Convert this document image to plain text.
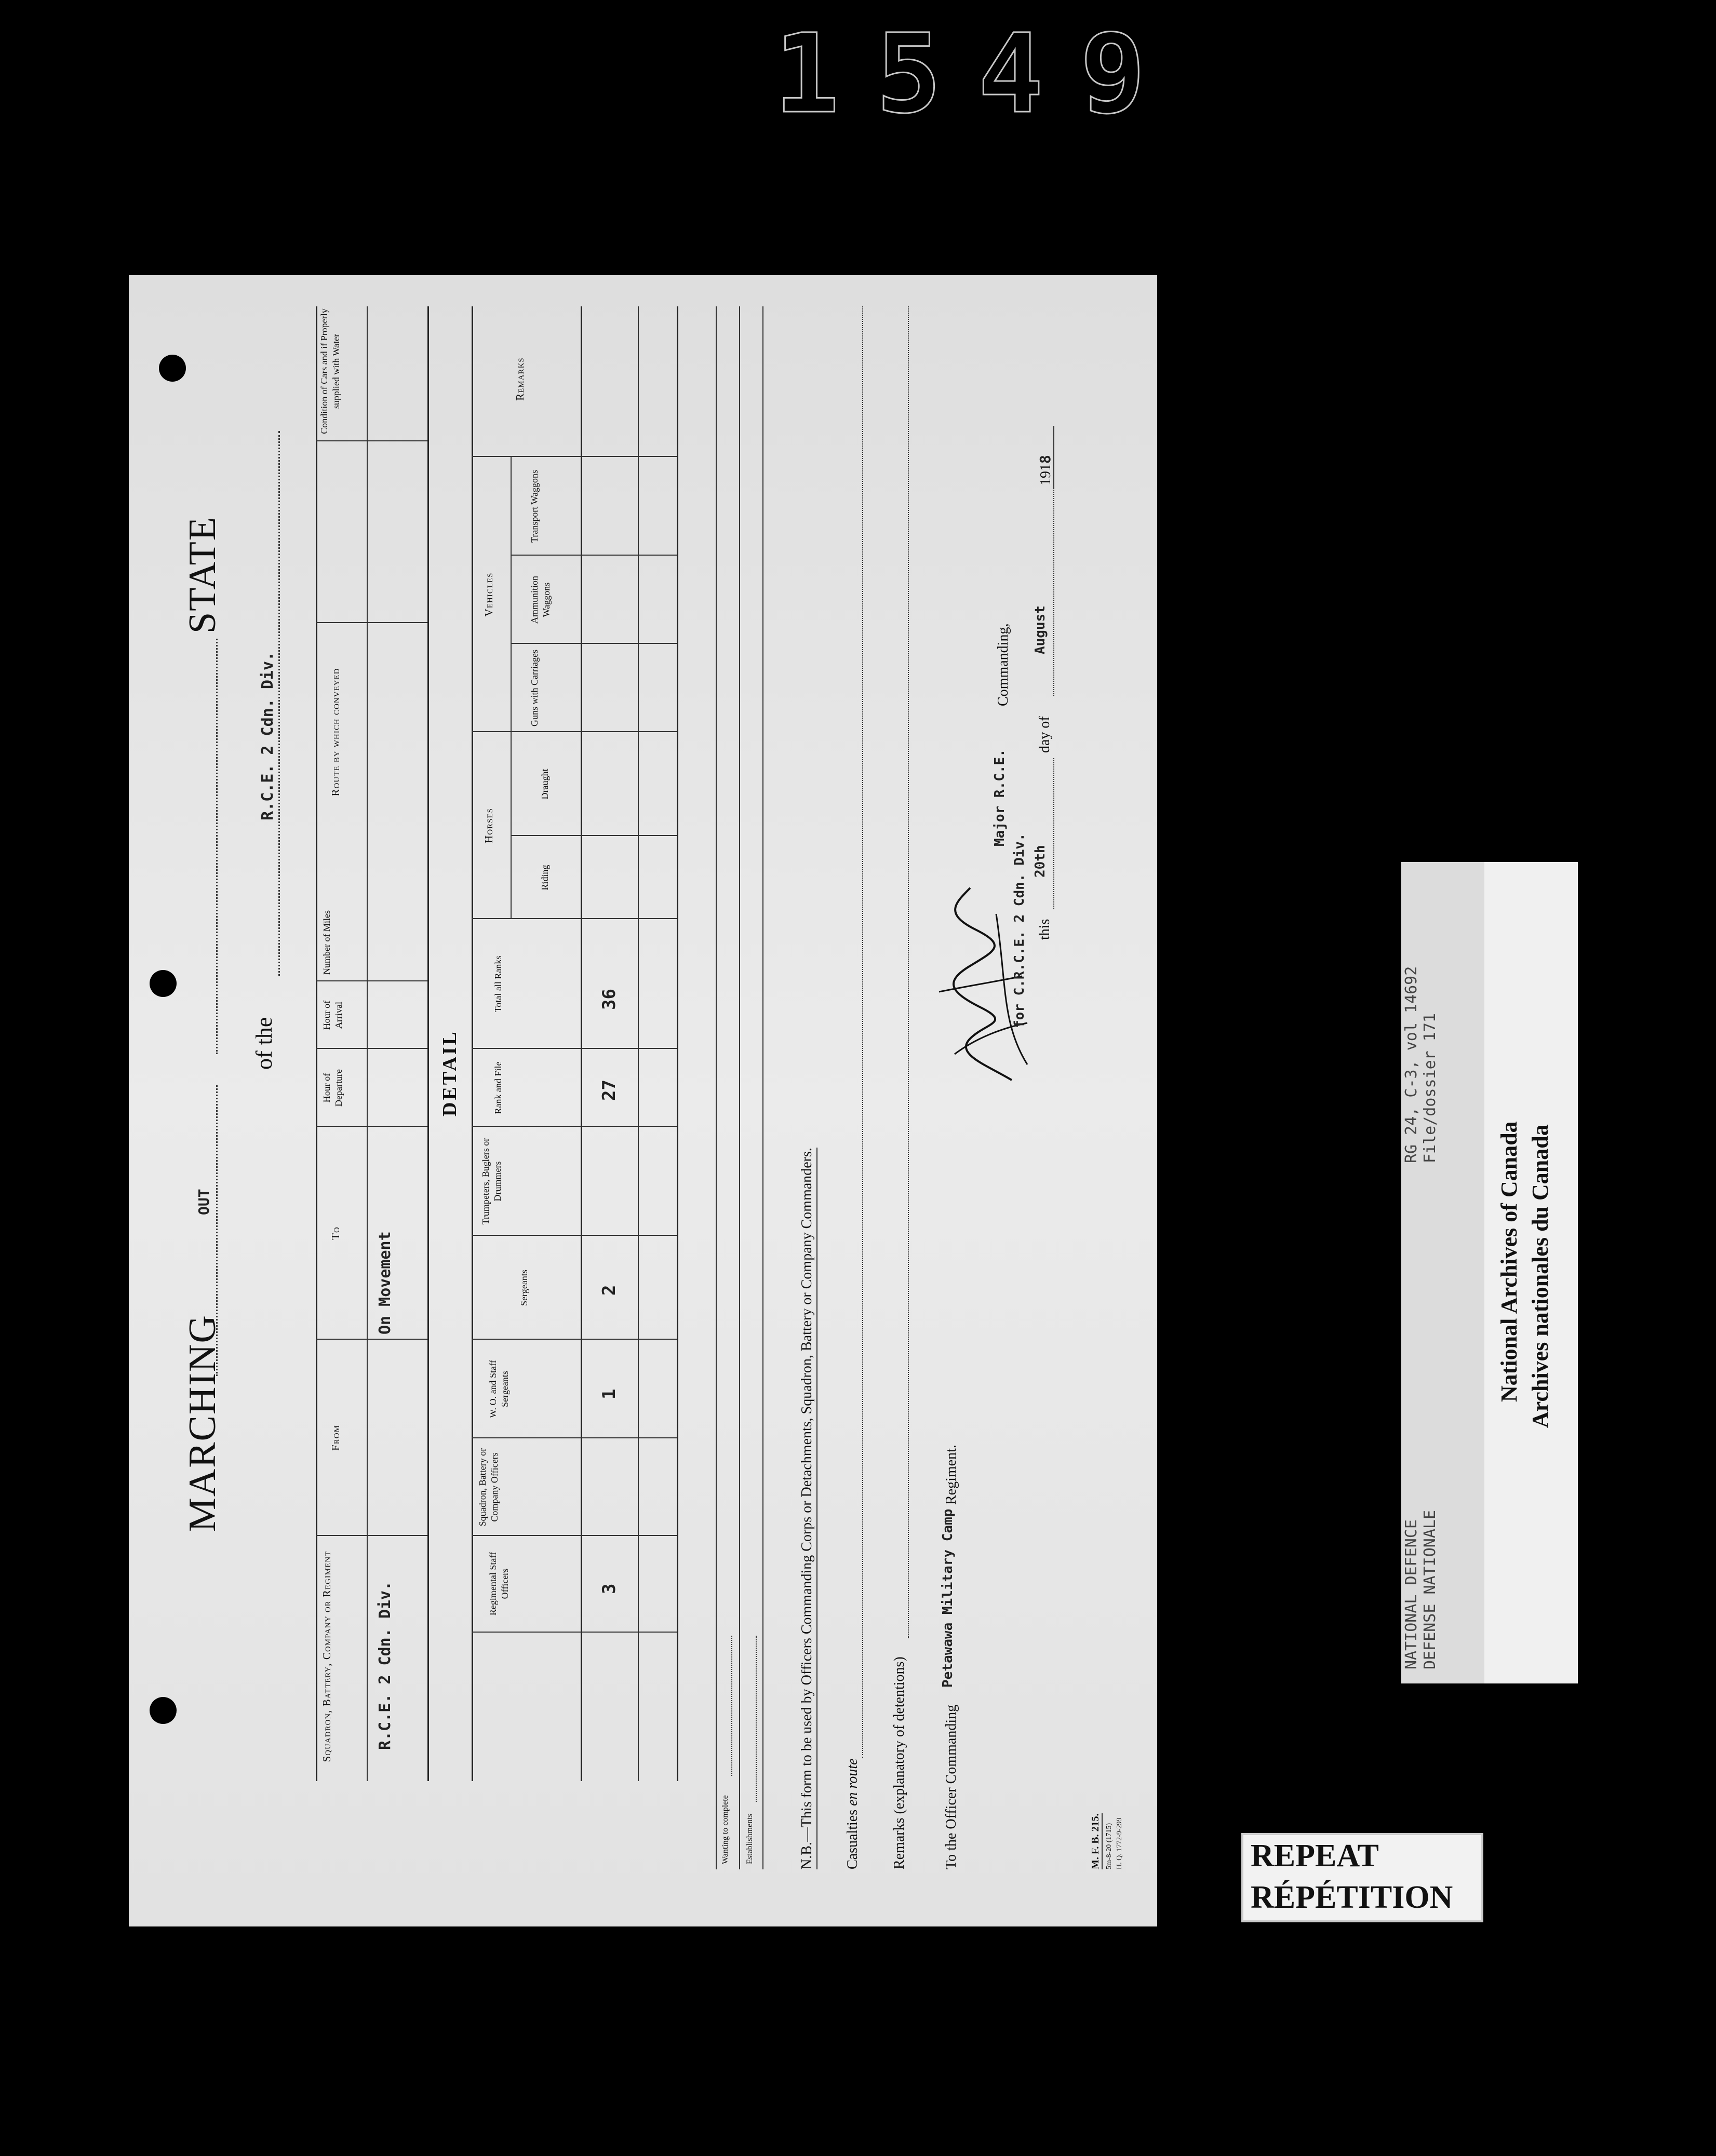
1549
MARCHING
OUT
STATE
of the
R.C.E. 2 Cdn. Div.
Squadron, Battery, Company or Regiment
From
To
Hour of Departure
Hour of Arrival
Number of Miles
Route by which conveyed
Condition of Cars and if Properly supplied with Water
R.C.E. 2 Cdn. Div.
On Movement
DETAIL
Regimental Staff Officers
Squadron, Battery or Company Officers
W. O. and Staff Sergeants
Sergeants
Trumpeters, Buglers or Drummers
Rank and File
Total all Ranks
Horses
Riding
Draught
Vehicles
Guns with Carriages
Ammunition Waggons
Transport Waggons
Remarks
3
1
2
27
36
Wanting to complete Establishments	N.B.—This form to be used by Officers Commanding Corps or Detachments, Squadron, Battery or Company Commanders. Casualties en route Remarks (explanatory of detentions) To the Officer Commanding
Petawawa Military Camp
Regiment.
Major R.C.E.
Commanding,
for C.R.C.E. 2 Cdn. Div. this
20th
day of
August
1918
M. F. B. 215. 5m-8-20 (1715) H. Q. 1772-9-299
NATIONAL DEFENCE DEFENSE NATIONALE
RG 24, C-3, vol 14692 File/dossier 171
National Archives of Canada Archives nationales du Canada
REPEAT
RÉPÉTITION
